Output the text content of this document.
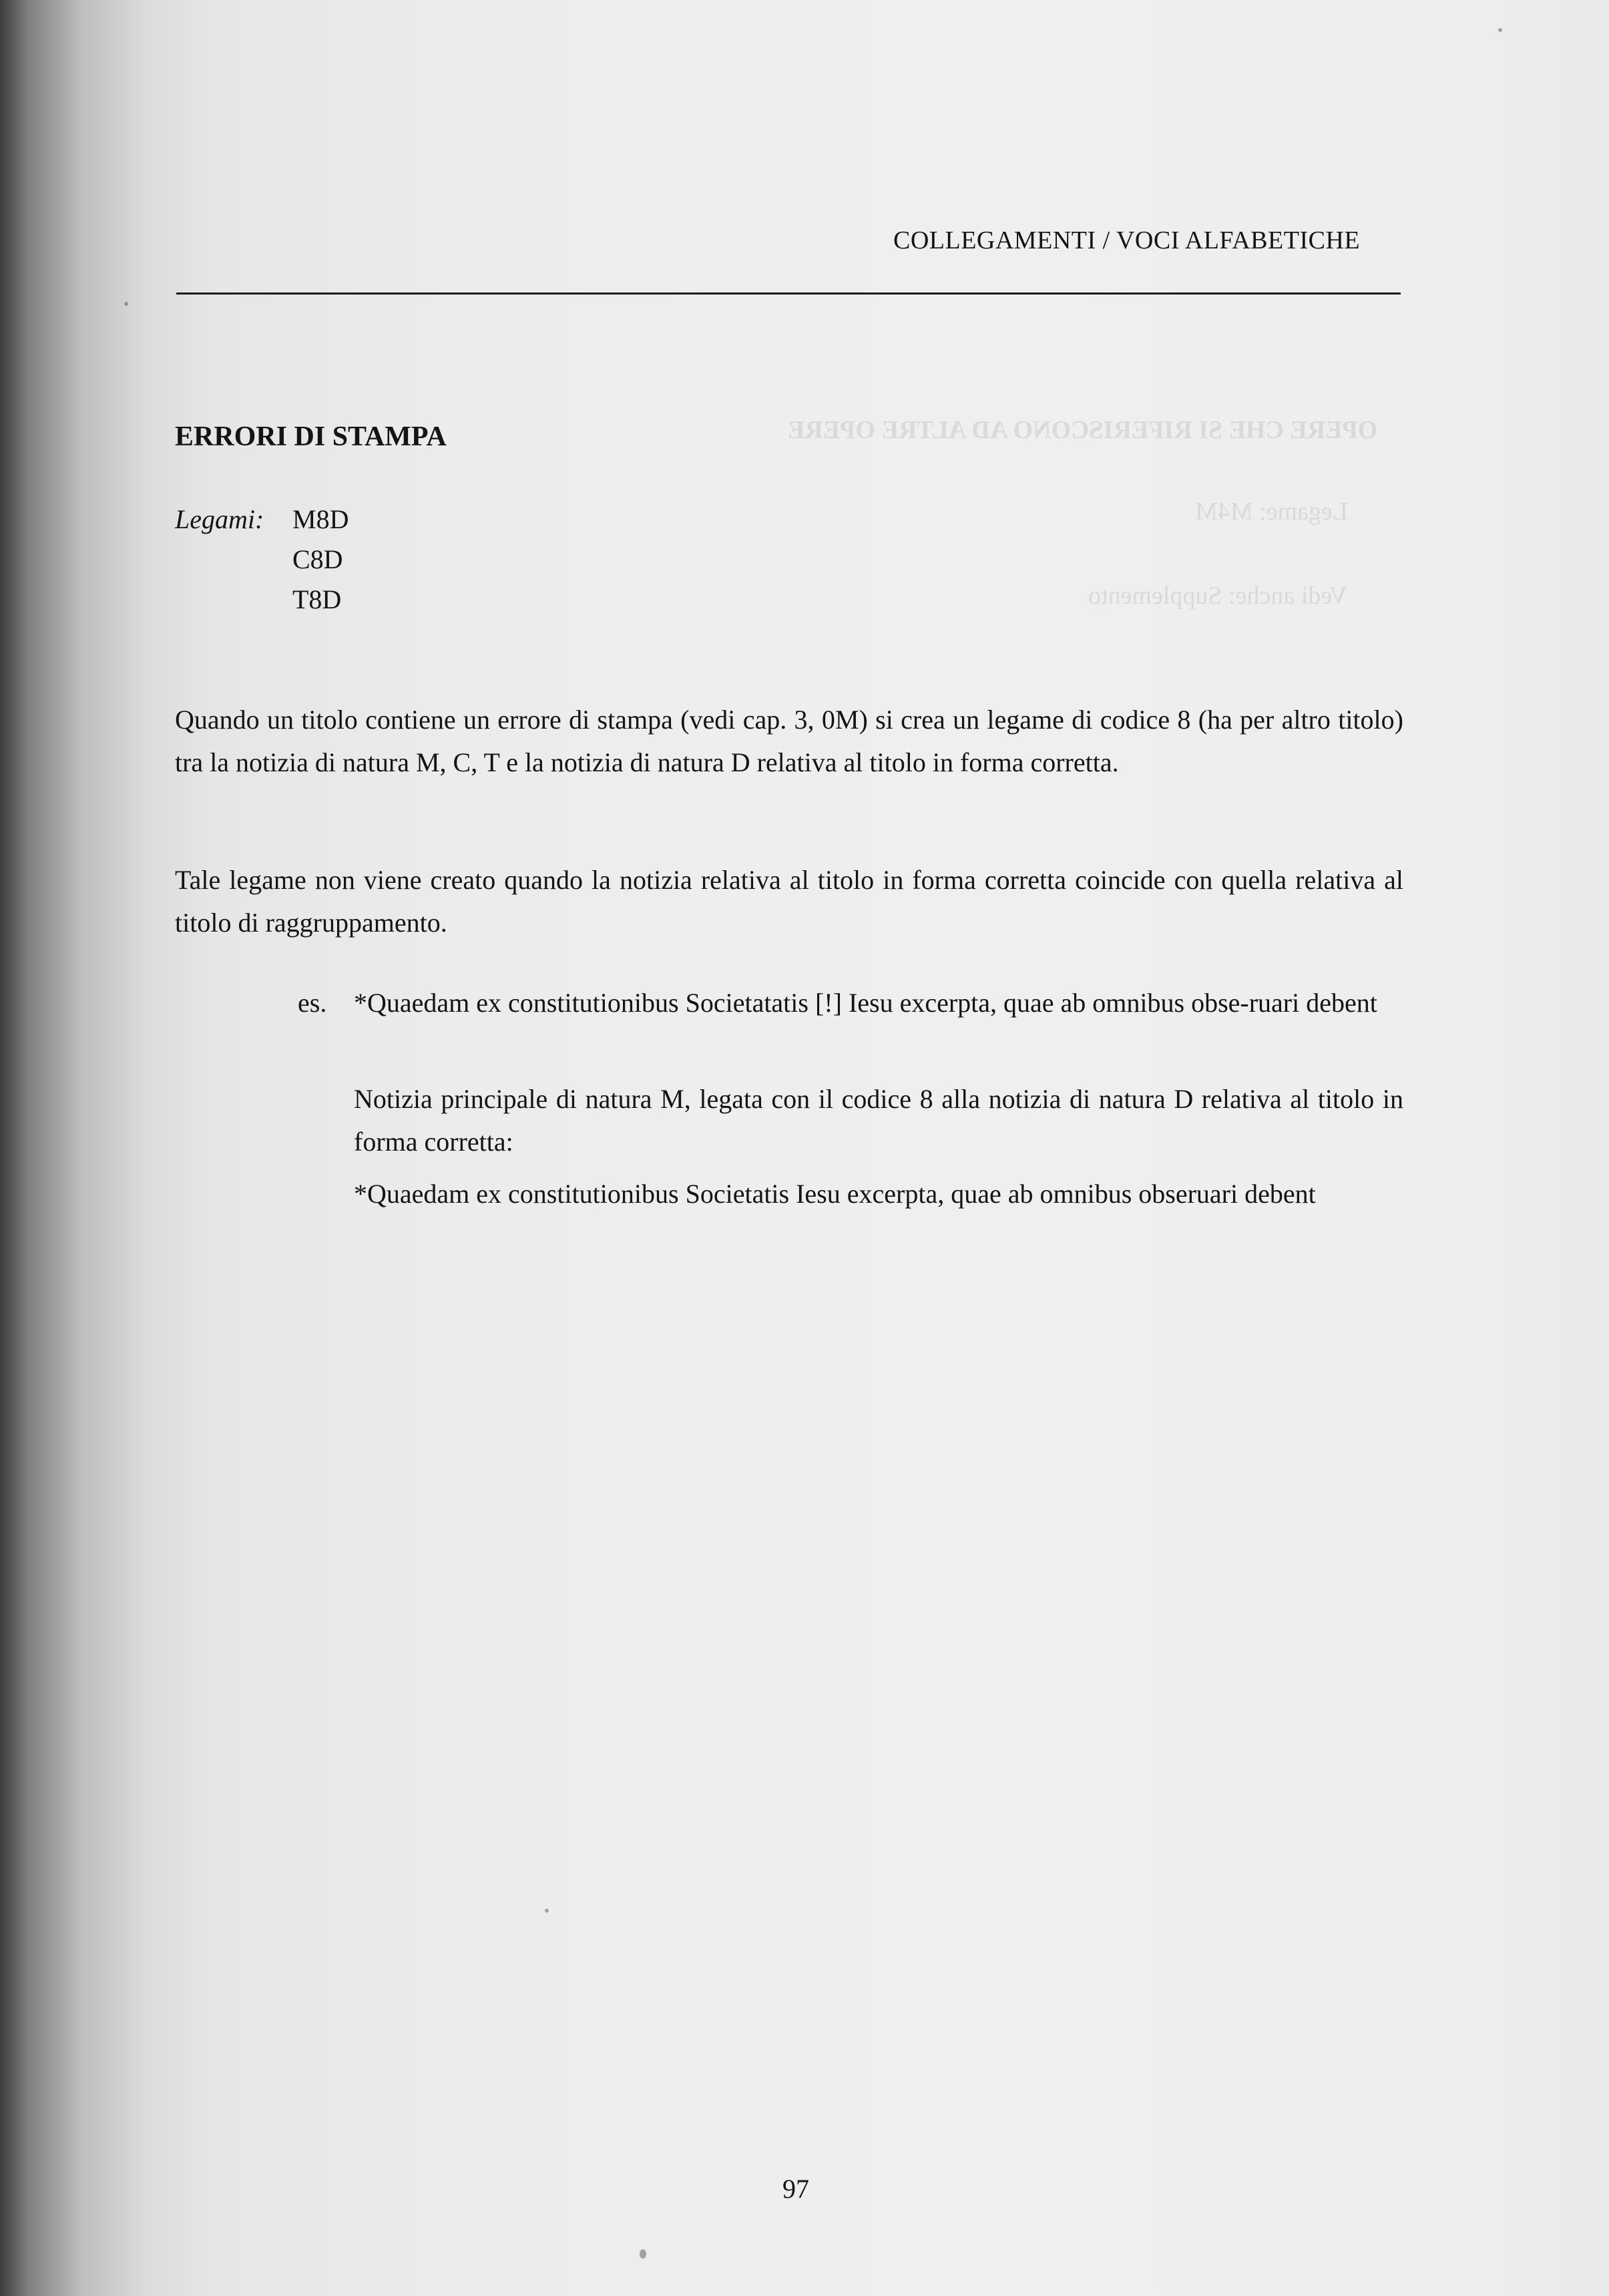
OPERE CHE SI RIFERISCONO AD ALTRE OPERE
Legame: M4M
Vedi anche: Supplemento
COLLEGAMENTI / VOCI ALFABETICHE
ERRORI DI STAMPA
Legami: M8D
C8D
T8D

Quando un titolo contiene un errore di stampa (vedi cap. 3, 0M) si crea un legame di codice 8 (ha per altro titolo) tra la notizia di natura M, C, T e la notizia di natura D relativa al titolo in forma corretta.

Tale legame non viene creato quando la notizia relativa al titolo in forma corretta coincide con quella relativa al titolo di raggruppamento.

es. *Quaedam ex constitutionibus Societatatis [!] Iesu excerpta, quae ab omnibus obse-ruari debent

Notizia principale di natura M, legata con il codice 8 alla notizia di natura D relativa al titolo in forma corretta:

*Quaedam ex constitutionibus Societatis Iesu excerpta, quae ab omnibus obseruari debent

97
